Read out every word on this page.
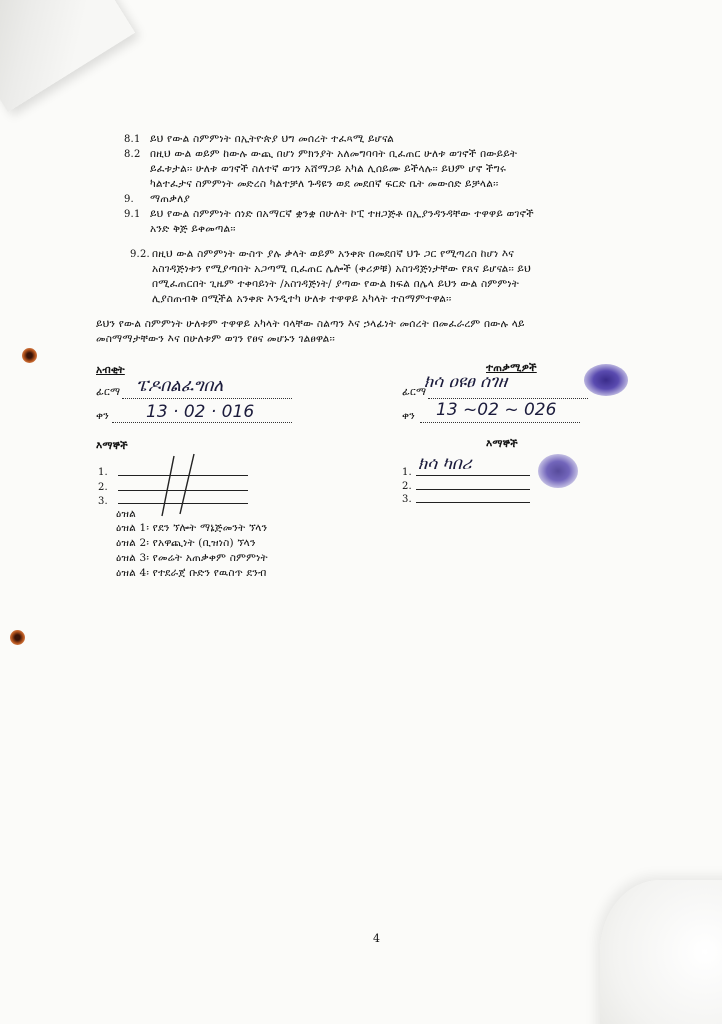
8.1 ይህ የውል ስምምነት በኢትዮጵያ ህግ መሰረት ተፈጻሚ ይሆናል
8.2 በዚህ ውል ወይም ከውሉ ውጪ በሆነ ምክንያት አለመግባባት ቢፈጠር ሁለቱ ወገኖች በውይይት
ይፈቱታል፡፡ ሁለቱ ወገኖች ስለተኛ ወገን አሸማጋይ አካል ሊሰይሙ ይችላሉ፡፡ ይህም ሆኖ ችግሩ
ካልተፈታና ስምምነት መድረስ ካልተቻለ ጉዳዩን ወደ መደበኛ ፍርድ ቤት መውሰድ ይቻላል፡፡
9. ማጠቃለያ
9.1 ይህ የውል ስምምነት ሰነድ በአማርኛ ቋንቋ በሁለት ኮፒ ተዘጋጅቶ በኢያንዳንዳቸው ተዋዋይ ወገኖች
አንድ ቅጅ ይቀመጣል፡፡
9.2. በዚህ ውል ስምምነት ውስጥ ያሉ ቃላት ወይም አንቀጽ በመደበኛ ህጉ ጋር የሚጣረስ ከሆነ እና
አስገዳጅነቱን የሚያጣበት አጋጣሚ ቢፈጠር ሌሎች (ቀሪዎቹ) አስገዳጅነታቸው የጸና ይሆናል፡፡ ይህ
በሚፈጠርበት ጊዜም ተቀባይነት /አስገዳጅነት/ ያጣው የውል ክፍል በሌላ ይህን ውል ስምምነት
ሊያስጠብቅ በሚችል አንቀጽ እንዲተካ ሁለቱ ተዋዋይ አካላት ተስማምተዋል፡፡
ይህን የውል ስምምነት ሁለቱም ተዋዋይ አካላት ባላቸው ስልጣን እና ኃላፊነት መሰረት በመፈራረም በውሉ ላይ
መስማማታቸውን እና በሁለቱም ወገን የፀና መሆኑን ገልፀዋል፡፡
አብቂት
ፊርማ ፔዶበልፈግበለ
ቀን 13 · 02 · 016
ተጠቃሚዎች
ፊርማ
ክሳ ዐዩፀ ሰገዘ
ቀን 13 ~02 ~ 026
እማኞች
1.
2.
3.
እማኞች
1. ክሳ ካበሪ
2.
3.
ዕዝል
ዕዝል 1፡ የደን ኘሎት ማኔጅመንት ኘላን
ዕዝል 2፡ የአዋጪነት (ቢዝነስ) ኘላን
ዕዝል 3፡ የመሬት አጠቃቀም ስምምነት
ዕዝል 4፡ የተደራጀ ቡድን የዉስጥ ደንብ
4
